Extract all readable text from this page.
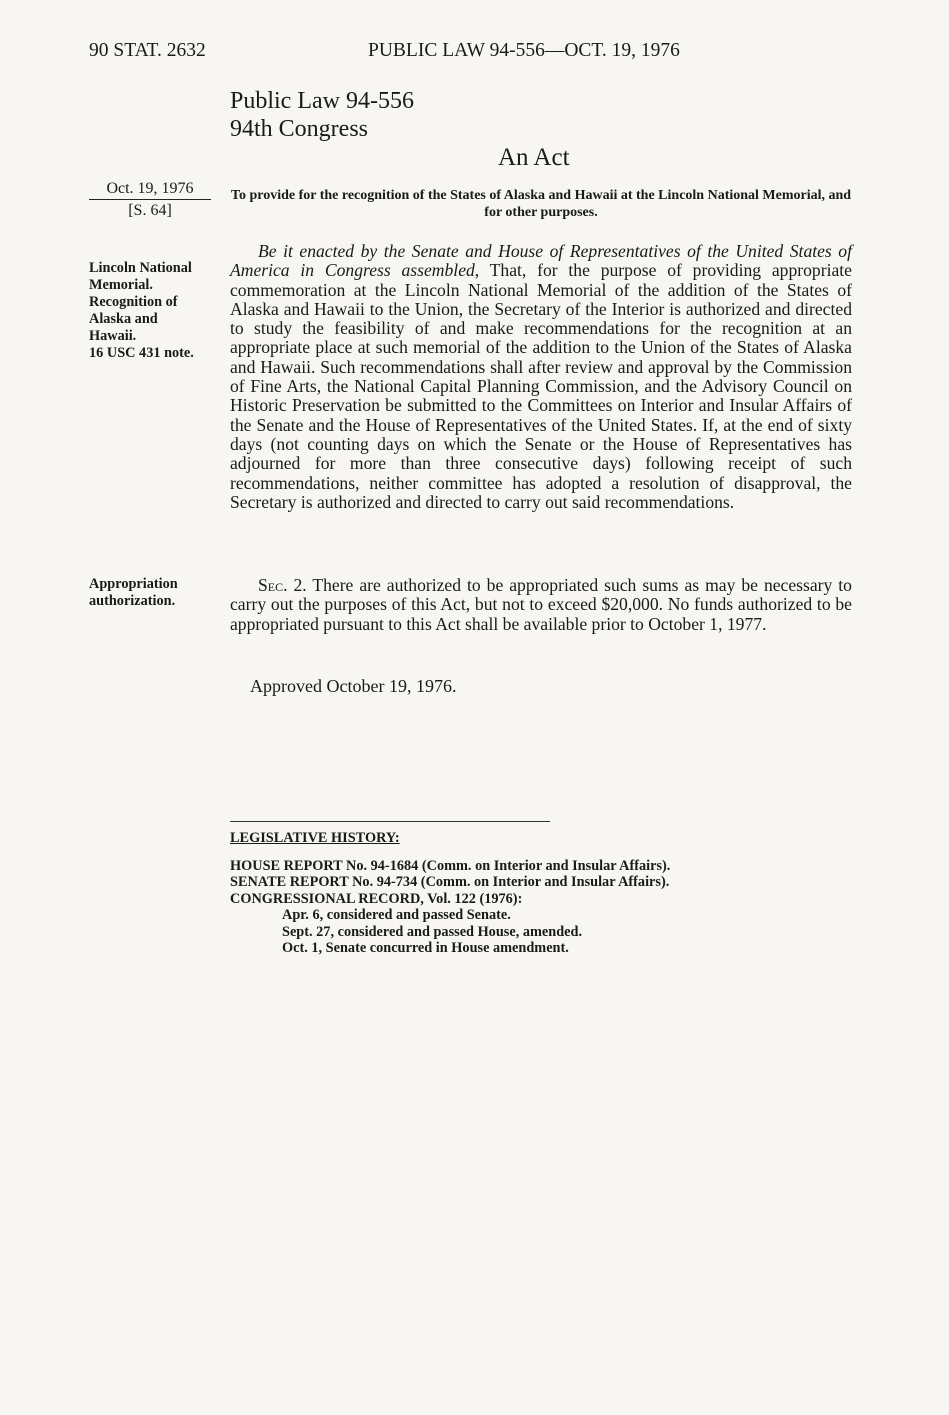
90 STAT. 2632	PUBLIC LAW 94-556—OCT. 19, 1976
Public Law 94-556
94th Congress
An Act
Oct. 19, 1976
[S. 64]
To provide for the recognition of the States of Alaska and Hawaii at the Lincoln National Memorial, and for other purposes.
Lincoln National
Memorial.
Recognition of
Alaska and
Hawaii.
16 USC 431 note.
Appropriation
authorization.
Be it enacted by the Senate and House of Representatives of the United States of America in Congress assembled, That, for the purpose of providing appropriate commemoration at the Lincoln National Memorial of the addition of the States of Alaska and Hawaii to the Union, the Secretary of the Interior is authorized and directed to study the feasibility of and make recommendations for the recognition at an appropriate place at such memorial of the addition to the Union of the States of Alaska and Hawaii. Such recommendations shall after review and approval by the Commission of Fine Arts, the National Capital Planning Commission, and the Advisory Council on Historic Preservation be submitted to the Committees on Interior and Insular Affairs of the Senate and the House of Representatives of the United States. If, at the end of sixty days (not counting days on which the Senate or the House of Representatives has adjourned for more than three consecutive days) following receipt of such recommendations, neither committee has adopted a resolution of disapproval, the Secretary is authorized and directed to carry out said recommendations.
Sec. 2. There are authorized to be appropriated such sums as may be necessary to carry out the purposes of this Act, but not to exceed $20,000. No funds authorized to be appropriated pursuant to this Act shall be available prior to October 1, 1977.
Approved October 19, 1976.
LEGISLATIVE HISTORY:
HOUSE REPORT No. 94-1684 (Comm. on Interior and Insular Affairs).
SENATE REPORT No. 94-734 (Comm. on Interior and Insular Affairs).
CONGRESSIONAL RECORD, Vol. 122 (1976):
Apr. 6, considered and passed Senate.
Sept. 27, considered and passed House, amended.
Oct. 1, Senate concurred in House amendment.
